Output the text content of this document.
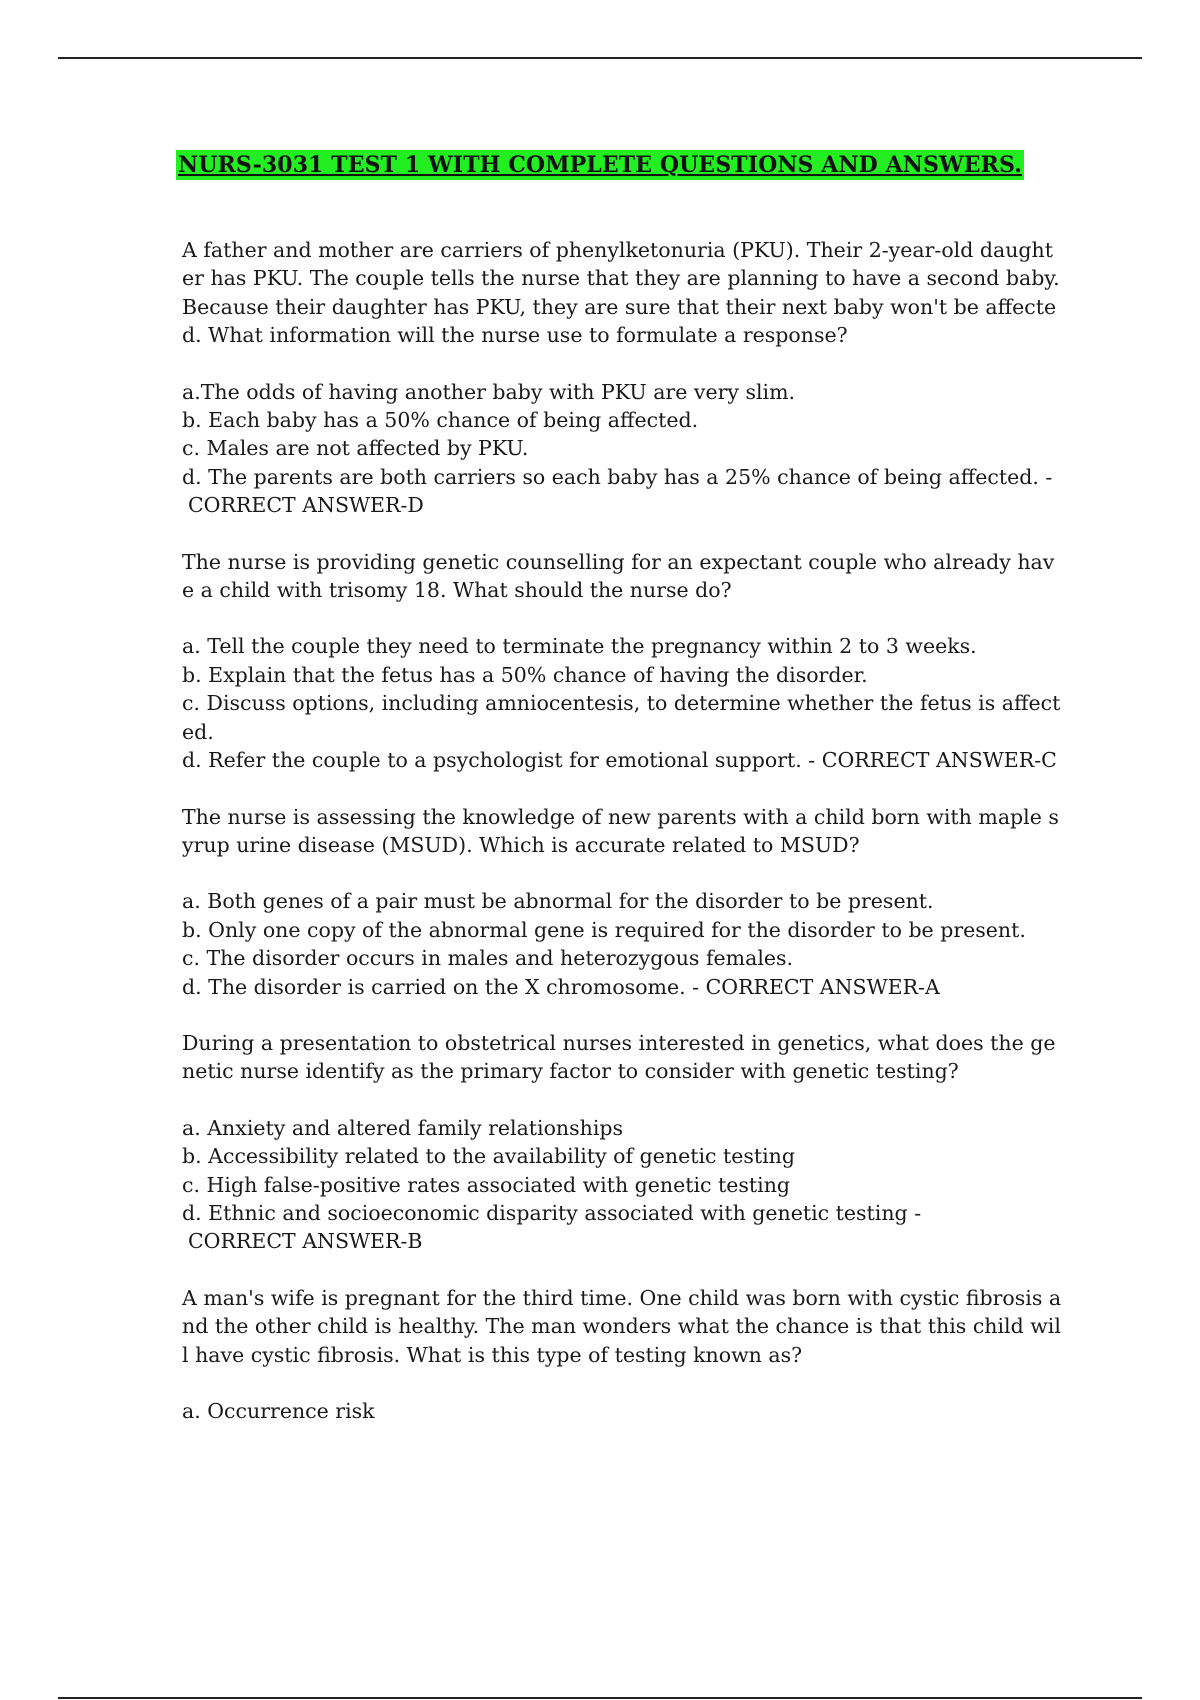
NURS-3031 TEST 1 WITH COMPLETE QUESTIONS AND ANSWERS.

A father and mother are carriers of phenylketonuria (PKU). Their 2-year-old daughter has PKU. The couple tells the nurse that they are planning to have a second baby. Because their daughter has PKU, they are sure that their next baby won't be affected. What information will the nurse use to formulate a response?

a.The odds of having another baby with PKU are very slim.

b. Each baby has a 50% chance of being affected.

c. Males are not affected by PKU.

d. The parents are both carriers so each baby has a 25% chance of being affected. -

CORRECT ANSWER-D

The nurse is providing genetic counselling for an expectant couple who already have a child with trisomy 18. What should the nurse do?

a. Tell the couple they need to terminate the pregnancy within 2 to 3 weeks.

b. Explain that the fetus has a 50% chance of having the disorder.

c. Discuss options, including amniocentesis, to determine whether the fetus is affected.

d. Refer the couple to a psychologist for emotional support. - CORRECT ANSWER-C

The nurse is assessing the knowledge of new parents with a child born with maple syrup urine disease (MSUD). Which is accurate related to MSUD?

a. Both genes of a pair must be abnormal for the disorder to be present.

b. Only one copy of the abnormal gene is required for the disorder to be present.

c. The disorder occurs in males and heterozygous females.

d. The disorder is carried on the X chromosome. - CORRECT ANSWER-A

During a presentation to obstetrical nurses interested in genetics, what does the genetic nurse identify as the primary factor to consider with genetic testing?

a. Anxiety and altered family relationships

b. Accessibility related to the availability of genetic testing

c. High false-positive rates associated with genetic testing

d. Ethnic and socioeconomic disparity associated with genetic testing -

CORRECT ANSWER-B

A man's wife is pregnant for the third time. One child was born with cystic fibrosis and the other child is healthy. The man wonders what the chance is that this child will have cystic fibrosis. What is this type of testing known as?

a. Occurrence risk
